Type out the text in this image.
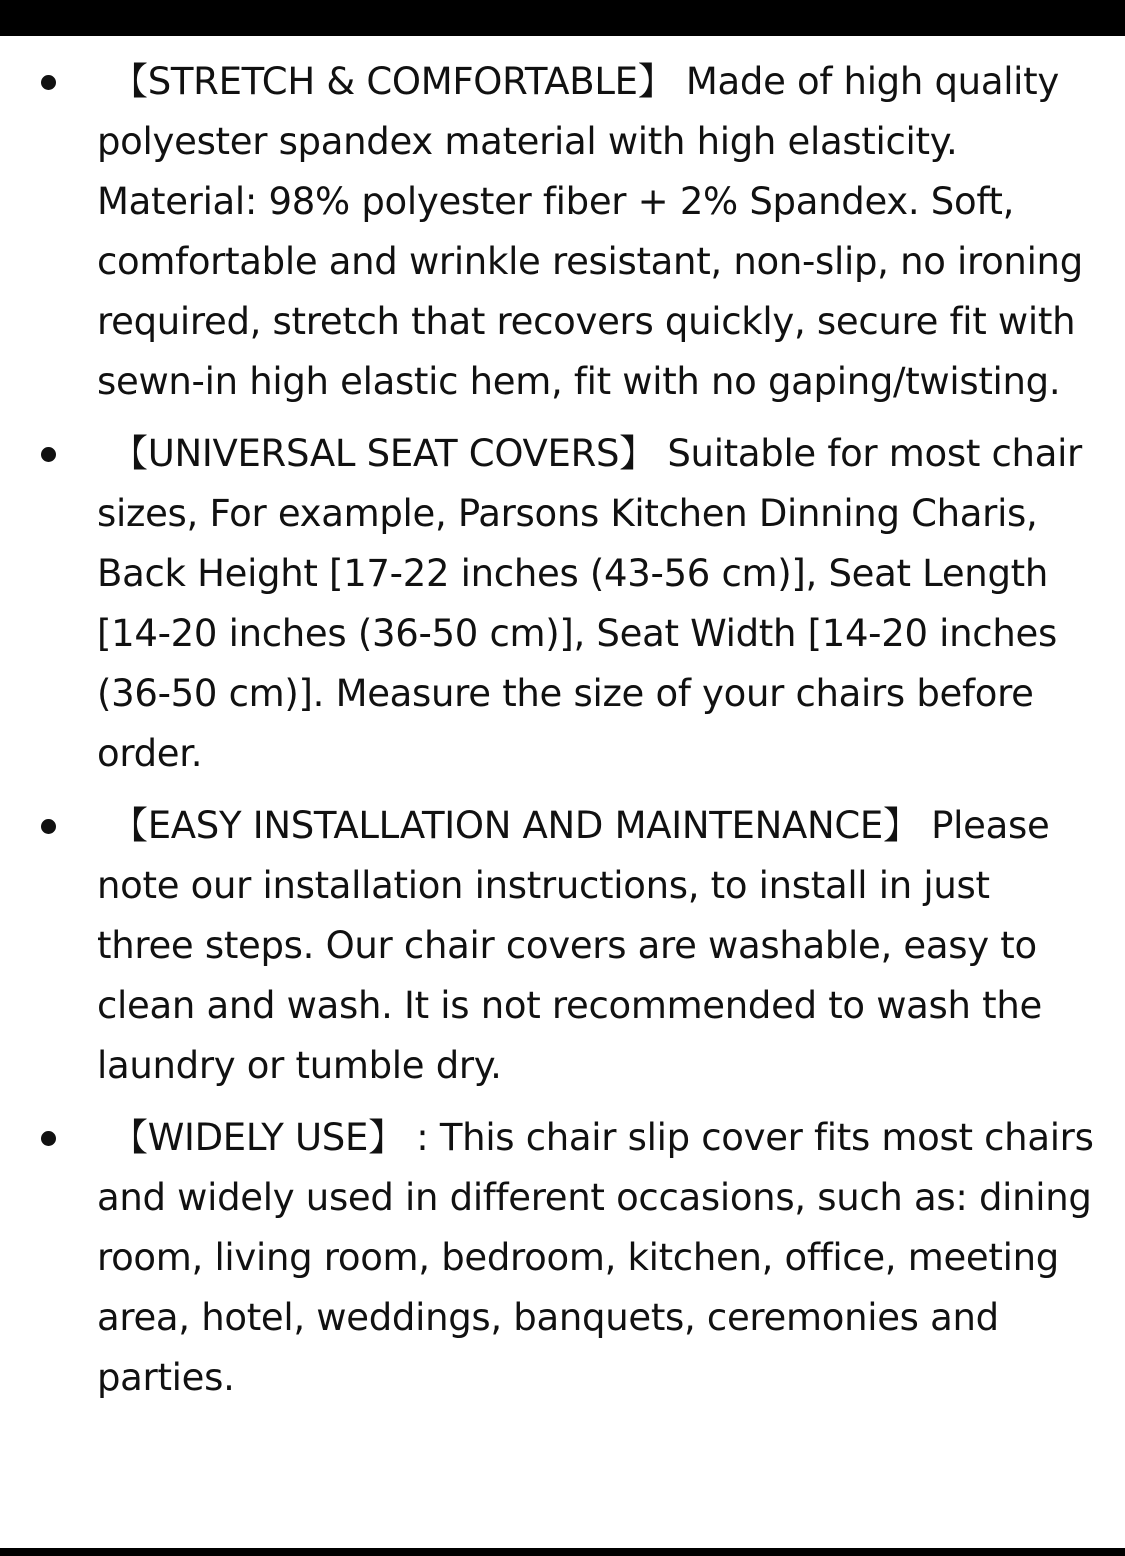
【STRETCH & COMFORTABLE】 Made of high quality polyester spandex material with high elasticity. Material: 98% polyester fiber + 2% Spandex. Soft, comfortable and wrinkle resistant, non-slip, no ironing required, stretch that recovers quickly, secure fit with sewn-in high elastic hem, fit with no gaping/twisting.
【UNIVERSAL SEAT COVERS】 Suitable for most chair sizes, For example, Parsons Kitchen Dinning Charis, Back Height [17-22 inches (43-56 cm)], Seat Length [14-20 inches (36-50 cm)], Seat Width [14-20 inches (36-50 cm)]. Measure the size of your chairs before order.
【EASY INSTALLATION AND MAINTENANCE】 Please note our installation instructions, to install in just three steps. Our chair covers are washable, easy to clean and wash. It is not recommended to wash the laundry or tumble dry.
【WIDELY USE】 : This chair slip cover fits most chairs and widely used in different occasions, such as: dining room, living room, bedroom, kitchen, office, meeting area, hotel, weddings, banquets, ceremonies and parties.
